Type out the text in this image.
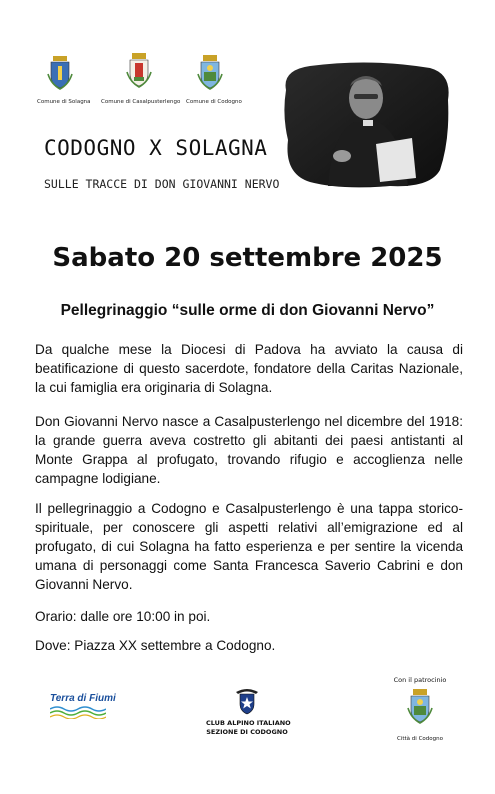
Comune di Solagna Comune di Casalpusterlengo Comune di Codogno
CODOGNO X SOLAGNA
SULLE TRACCE DI DON GIOVANNI NERVO
Sabato 20 settembre 2025
Pellegrinaggio “sulle orme di don Giovanni Nervo”
Da qualche mese la Diocesi di Padova ha avviato la causa di beatificazione di questo sacerdote, fondatore della Caritas Nazionale, la cui famiglia era originaria di Solagna.
Don Giovanni Nervo nasce a Casalpusterlengo nel dicembre del 1918: la grande guerra aveva costretto gli abitanti dei paesi antistanti al Monte Grappa al profugato, trovando rifugio e accoglienza nelle campagne lodigiane.
Il pellegrinaggio a Codogno e Casalpusterlengo è una tappa storico-spirituale, per conoscere gli aspetti relativi all’emigrazione ed al profugato, di cui Solagna ha fatto esperienza e per sentire la vicenda umana di personaggi come Santa Francesca Saverio Cabrini e don Giovanni Nervo.
Orario: dalle ore 10:00 in poi.
Dove: Piazza XX settembre a Codogno.
Terra di Fiumi
CLUB ALPINO ITALIANO
SEZIONE DI CODOGNO
Con il patrocinio
Città di Codogno
